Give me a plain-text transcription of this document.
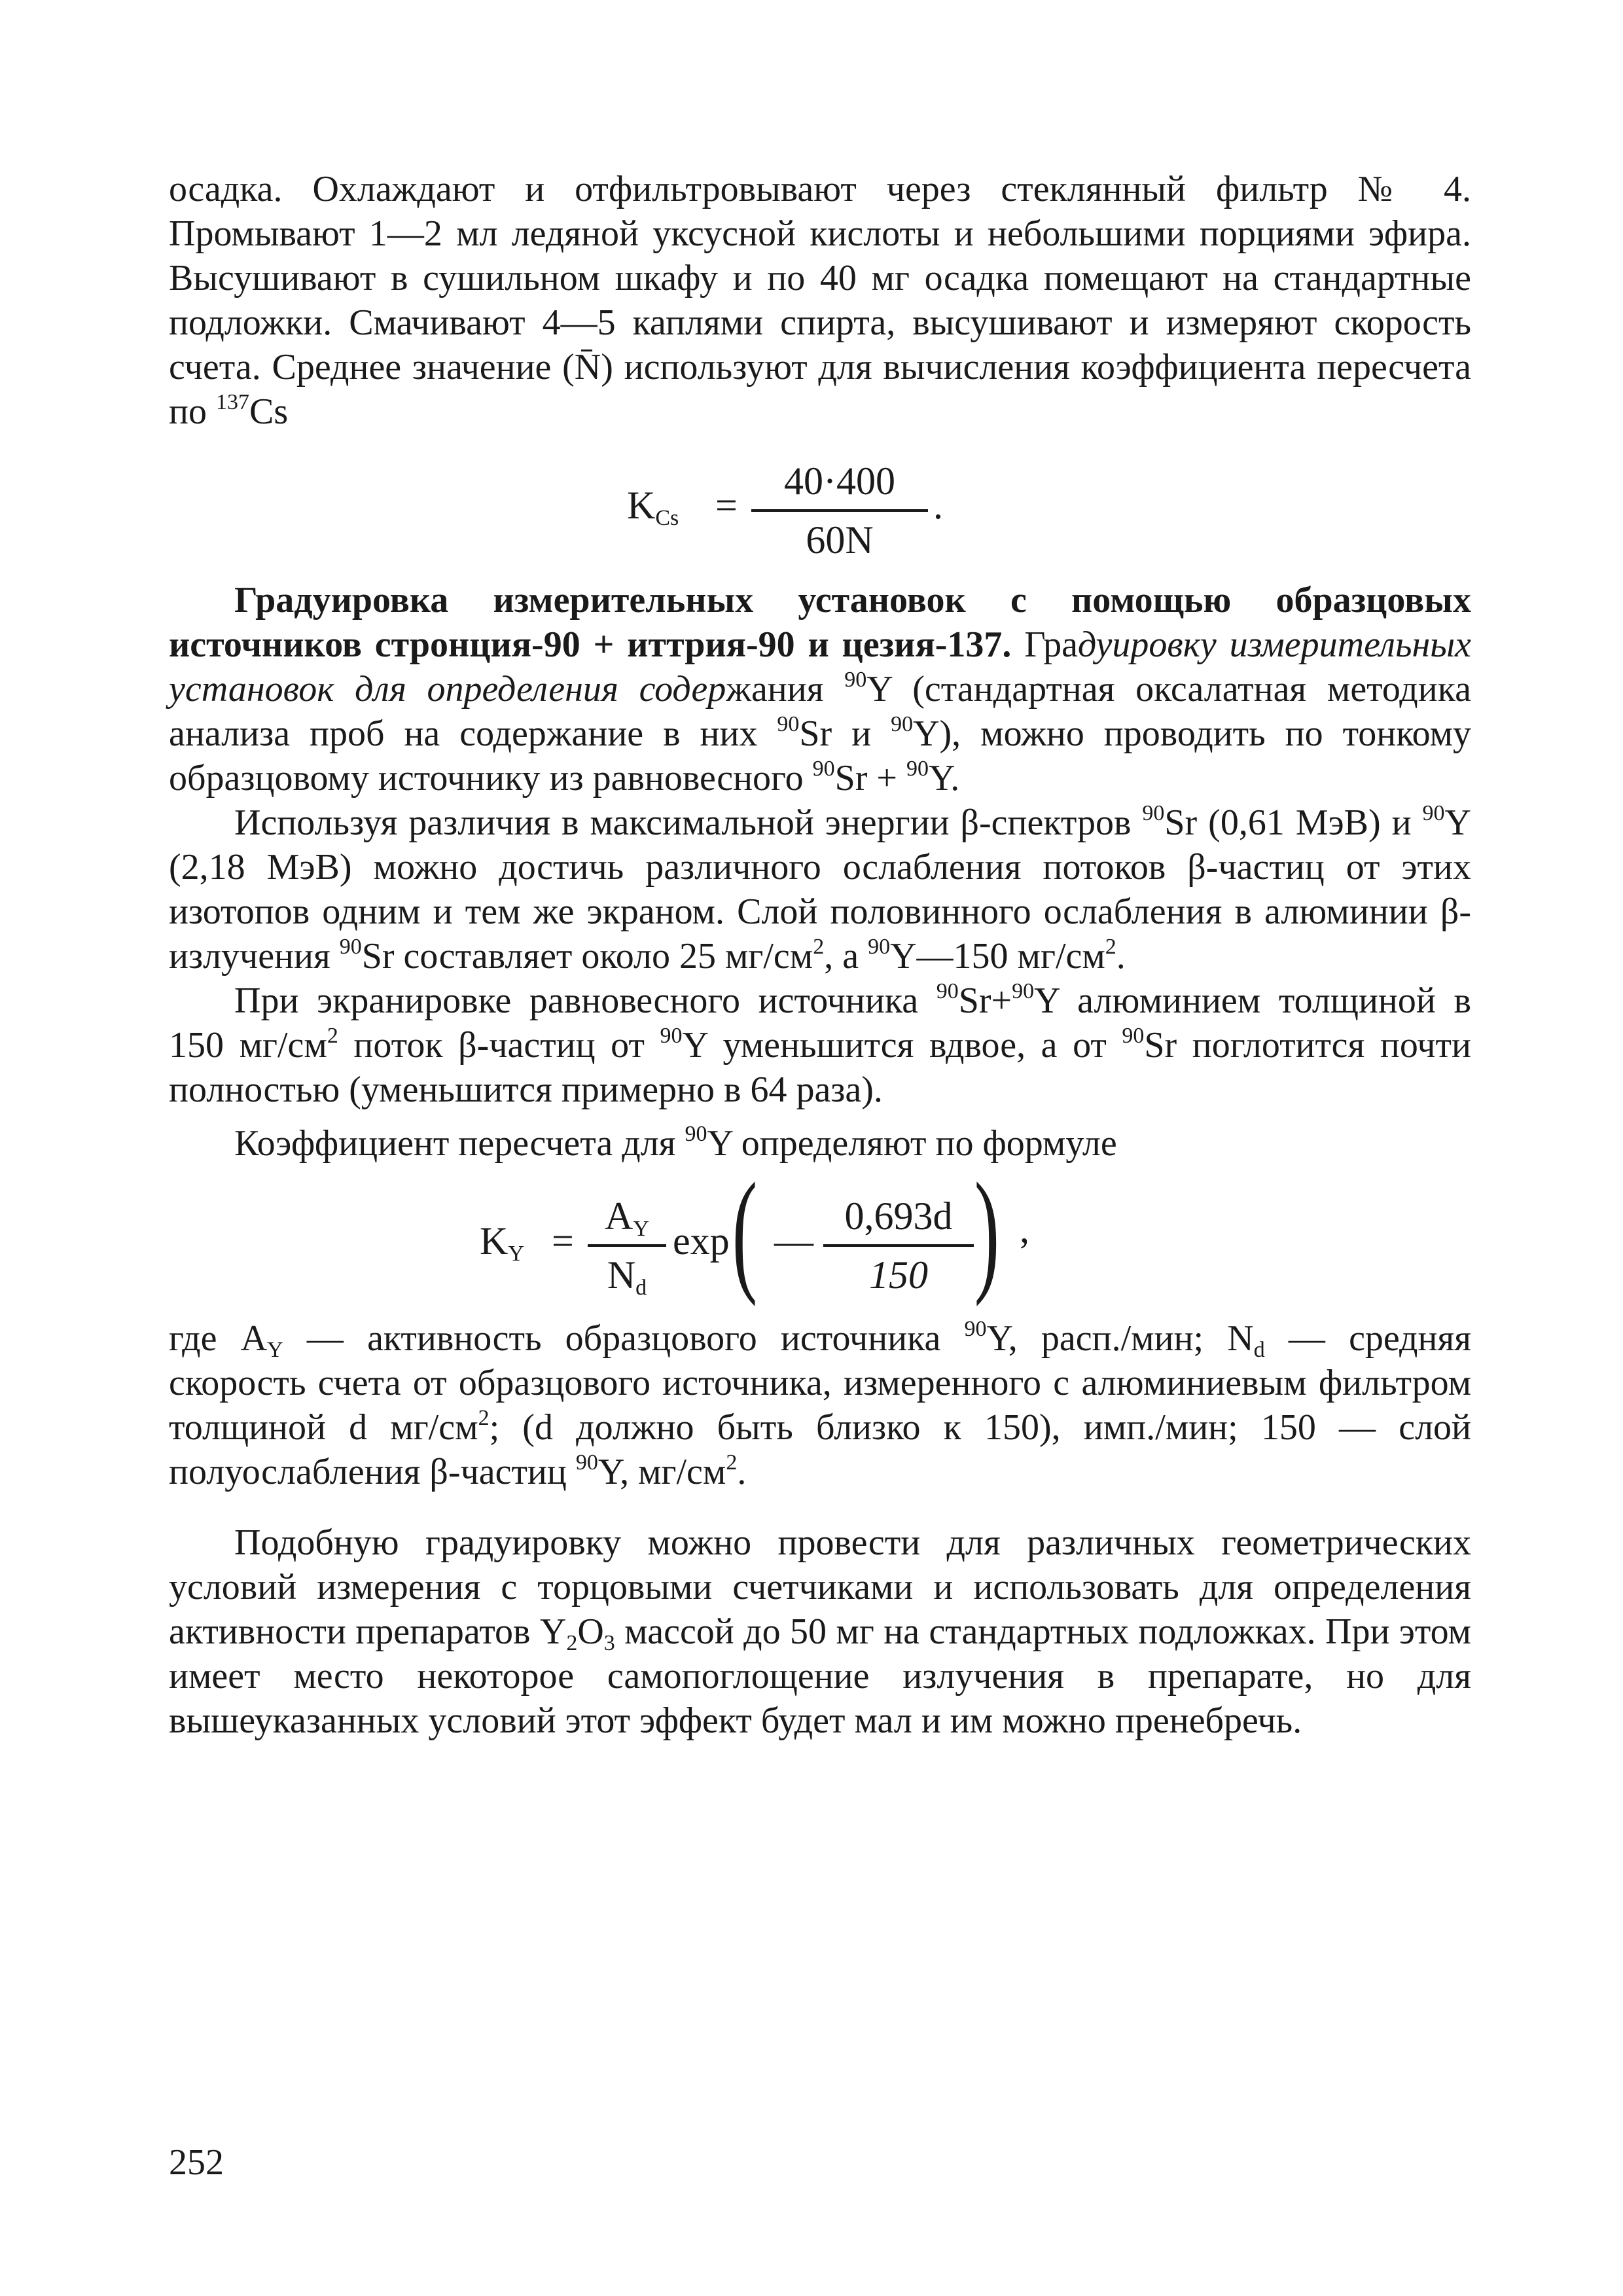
осадка. Охлаждают и отфильтровывают через стеклянный фильтр № 4. Промывают 1—2 мл ледяной уксусной кислоты и небольшими порциями эфира. Высушивают в сушильном шкафу и по 40 мг осадка помещают на стандартные подложки. Смачивают 4—5 каплями спирта, высушивают и измеряют скорость счета. Среднее значение (N̄) используют для вычисления коэффициента пересчета по $^{137}$Cs

$K_{Cs} = \frac{40\cdot 400}{60N}$ .

Градуировка измерительных установок с помощью образцовых источников стронция-90 + иттрия-90 и цезия-137. Градуировку измерительных установок для определения содержания $^{90}$Y (стандартная оксалатная методика анализа проб на содержание в них $^{90}$Sr и $^{90}$Y), можно проводить по тонкому образцовому источнику из равновесного $^{90}$Sr + $^{90}$Y.

Используя различия в максимальной энергии β-спектров $^{90}$Sr (0,61 МэВ) и $^{90}$Y (2,18 МэВ) можно достичь различного ослабления потоков β-частиц от этих изотопов одним и тем же экраном. Слой половинного ослабления в алюминии β-излучения $^{90}$Sr составляет около 25 $мг/см^2$, а $^{90}$Y—150 $мг/см^2$.

При экранировке равновесного источника $^{90}$Sr+$^{90}$Y алюминием толщиной в 150 $мг/см^2$ поток β-частиц от $^{90}$Y уменьшится вдвое, а от $^{90}$Sr поглотится почти полностью (уменьшится примерно в 64 раза).

Коэффициент пересчета для $^{90}$Y определяют по формуле

$K_Y = \frac{A_Y}{N_d}$ exp ( — $\frac{0,693d}{150}$ ) ,

где $A_Y$ — активность образцового источника $^{90}$Y, расп./мин; $N_d$ — средняя скорость счета от образцового источника, измеренного с алюминиевым фильтром толщиной d $мг/см^2$; (d должно быть близко к 150), имп./мин; 150 — слой полуослабления β-частиц $^{90}$Y, $мг/см^2$.

Подобную градуировку можно провести для различных геометрических условий измерения с торцовыми счетчиками и использовать для определения активности препаратов $Y_2O_3$ массой до 50 мг на стандартных подложках. При этом имеет место некоторое самопоглощение излучения в препарате, но для вышеуказанных условий этот эффект будет мал и им можно пренебречь.

252
